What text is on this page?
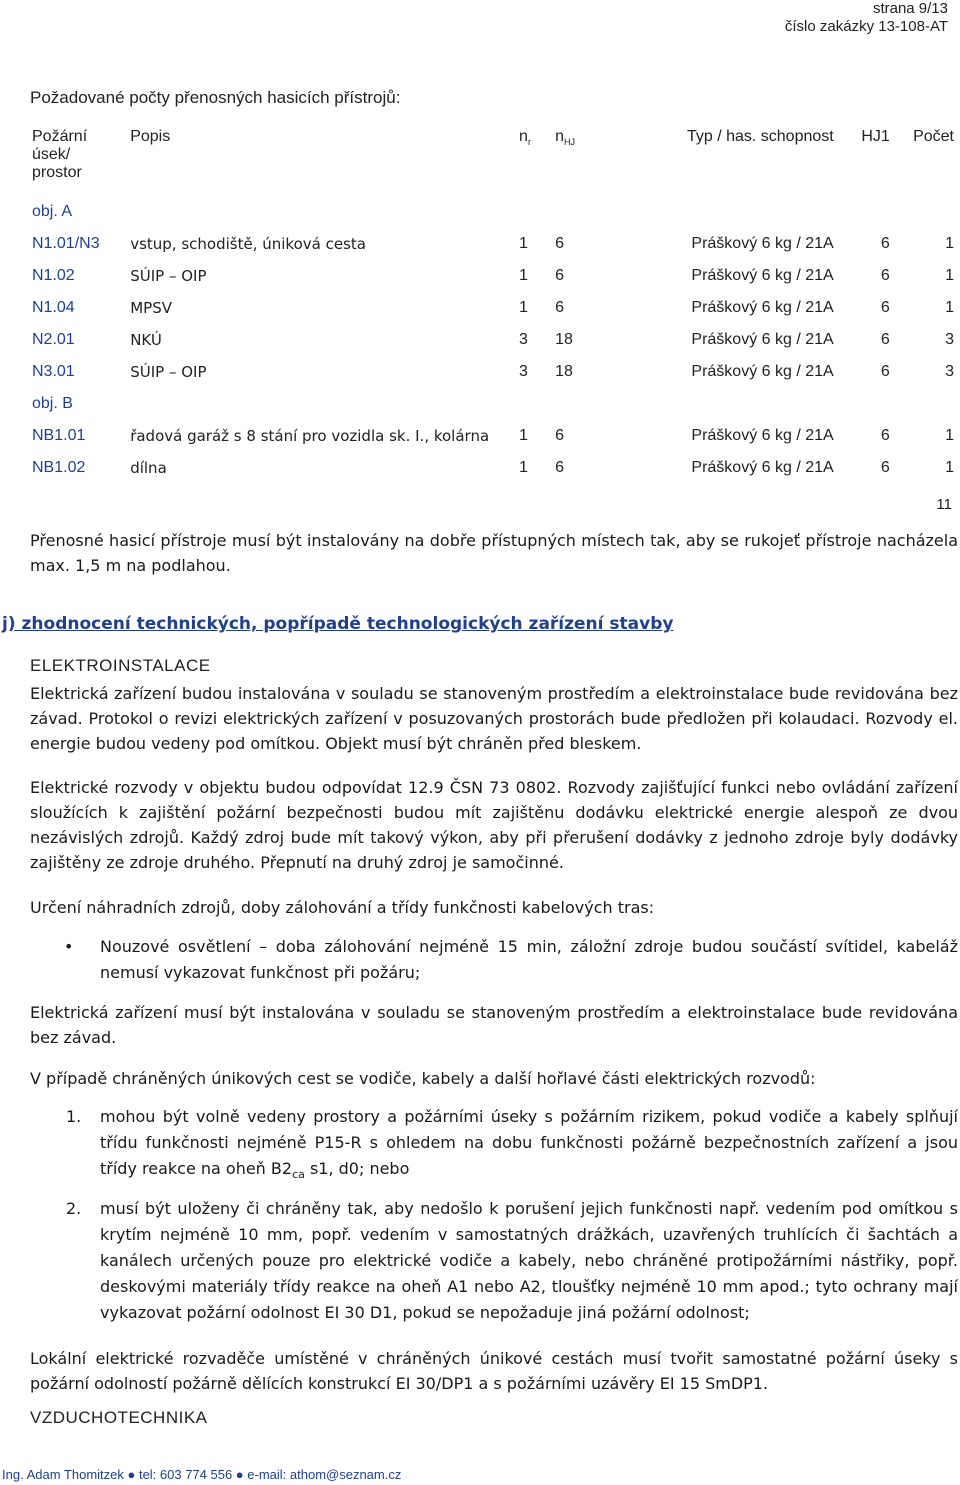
strana 9/13
číslo zakázky 13-108-AT
Požadované počty přenosných hasicích přístrojů:
Požární
úsek/
prostor	Popis	$n_r$	$n_{HJ}$	Typ / has. schopnost	HJ1	Počet
obj. A						
N1.01/N3	vstup, schodiště, úniková cesta	1	6	Práškový 6 kg / 21A	6	1
N1.02	SÚIP – OIP	1	6	Práškový 6 kg / 21A	6	1
N1.04	MPSV	1	6	Práškový 6 kg / 21A	6	1
N2.01	NKÚ	3	18	Práškový 6 kg / 21A	6	3
N3.01	SÚIP – OIP	3	18	Práškový 6 kg / 21A	6	3
obj. B						
NB1.01	řadová garáž s 8 stání pro vozidla sk. I., kolárna	1	6	Práškový 6 kg / 21A	6	1
NB1.02	dílna	1	6	Práškový 6 kg / 21A	6	1
11

Přenosné hasicí přístroje musí být instalovány na dobře přístupných místech tak, aby se rukojeť přístroje nacházela max. 1,5 m na podlahou.

j) zhodnocení technických, popřípadě technologických zařízení stavby
ELEKTROINSTALACE

Elektrická zařízení budou instalována v souladu se stanoveným prostředím a elektroinstalace bude revidována bez závad. Protokol o revizi elektrických zařízení v posuzovaných prostorách bude předložen při kolaudaci. Rozvody el. energie budou vedeny pod omítkou. Objekt musí být chráněn před bleskem.

Elektrické rozvody v objektu budou odpovídat 12.9 ČSN 73 0802. Rozvody zajišťující funkci nebo ovládání zařízení sloužících k zajištění požární bezpečnosti budou mít zajištěnu dodávku elektrické energie alespoň ze dvou nezávislých zdrojů. Každý zdroj bude mít takový výkon, aby při přerušení dodávky z jednoho zdroje byly dodávky zajištěny ze zdroje druhého. Přepnutí na druhý zdroj je samočinné.

Určení náhradních zdrojů, doby zálohování a třídy funkčnosti kabelových tras:

•	Nouzové osvětlení – doba zálohování nejméně 15 min, záložní zdroje budou součástí svítidel, kabeláž nemusí vykazovat funkčnost při požáru;

Elektrická zařízení musí být instalována v souladu se stanoveným prostředím a elektroinstalace bude revidována bez závad.

V případě chráněných únikových cest se vodiče, kabely a další hořlavé části elektrických rozvodů:

1.	mohou být volně vedeny prostory a požárními úseky s požárním rizikem, pokud vodiče a kabely splňují třídu funkčnosti nejméně P15-R s ohledem na dobu funkčnosti požárně bezpečnostních zařízení a jsou třídy reakce na oheň $B2_{ca}$ s1, d0; nebo
2.	musí být uloženy či chráněny tak, aby nedošlo k porušení jejich funkčnosti např. vedením pod omítkou s krytím nejméně 10 mm, popř. vedením v samostatných drážkách, uzavřených truhlících či šachtách a kanálech určených pouze pro elektrické vodiče a kabely, nebo chráněné protipožárními nástřiky, popř. deskovými materiály třídy reakce na oheň A1 nebo A2, tloušťky nejméně 10 mm apod.; tyto ochrany mají vykazovat požární odolnost EI 30 D1, pokud se nepožaduje jiná požární odolnost;

Lokální elektrické rozvaděče umístěné v chráněných únikové cestách musí tvořit samostatné požární úseky s požární odolností požárně dělících konstrukcí EI 30/DP1 a s požárními uzávěry EI 15 SmDP1.

VZDUCHOTECHNIKA
Ing. Adam Thomitzek ● tel: 603 774 556 ● e-mail: athom@seznam.cz
